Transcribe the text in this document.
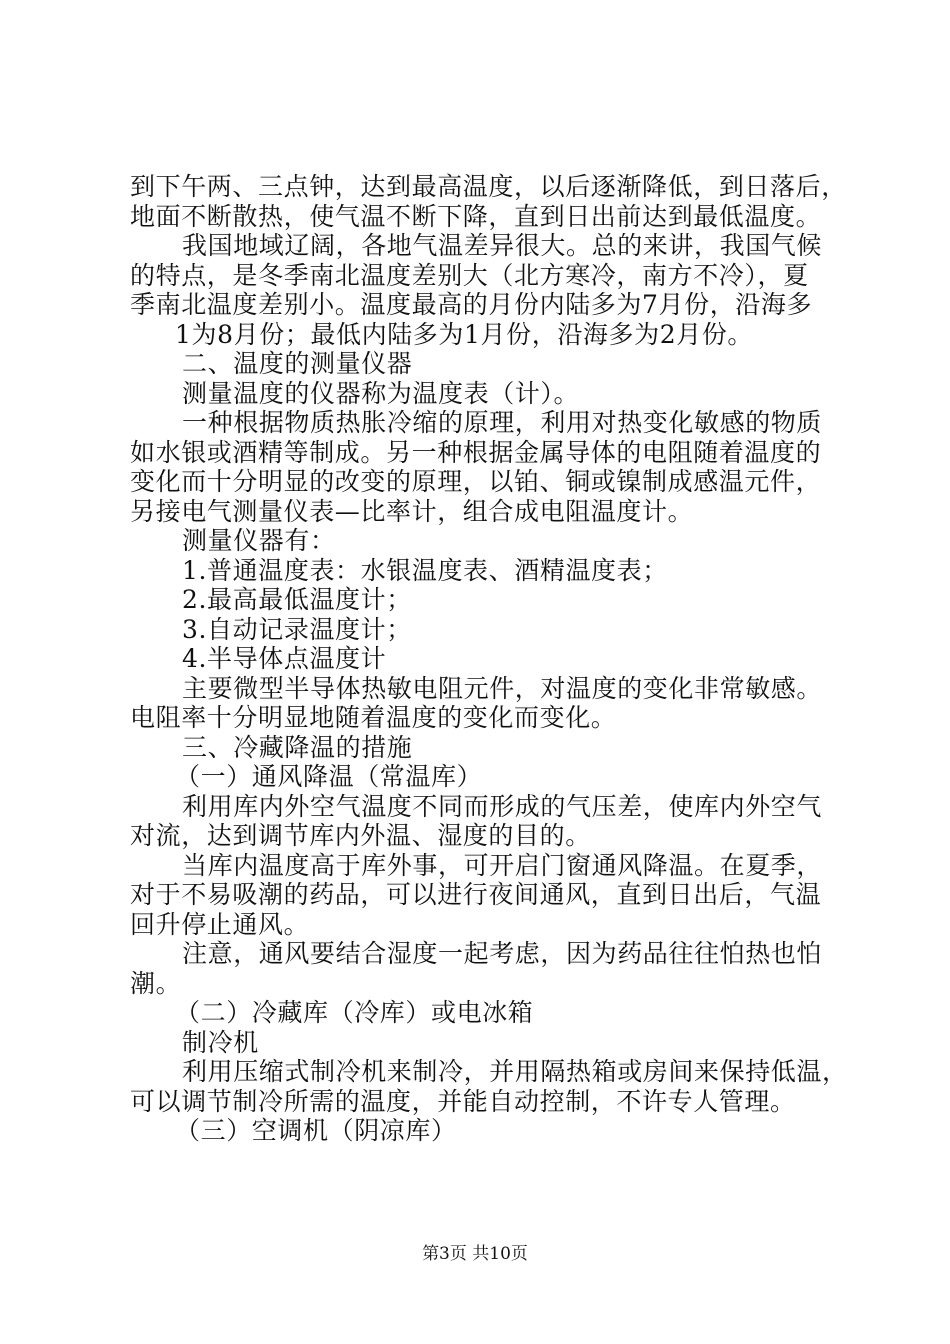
到下午两、三点钟，达到最高温度，以后逐渐降低，到日落后，
地面不断散热，使气温不断下降，直到日出前达到最低温度。
我国地域辽阔，各地气温差异很大。总的来讲，我国气候
的特点，是冬季南北温度差别大（北方寒冷，南方不冷），夏
季南北温度差别小。温度最高的月份内陆多为7月份，沿海多
1为8月份；最低内陆多为1月份，沿海多为2月份。
二、温度的测量仪器
测量温度的仪器称为温度表（计）。
一种根据物质热胀冷缩的原理，利用对热变化敏感的物质
如水银或酒精等制成。另一种根据金属导体的电阻随着温度的
变化而十分明显的改变的原理，以铂、铜或镍制成感温元件，
另接电气测量仪表—比率计，组合成电阻温度计。
测量仪器有：
1.普通温度表：水银温度表、酒精温度表；
2.最高最低温度计；
3.自动记录温度计；
4.半导体点温度计
主要微型半导体热敏电阻元件，对温度的变化非常敏感。
电阻率十分明显地随着温度的变化而变化。
三、冷藏降温的措施
（一）通风降温（常温库）
利用库内外空气温度不同而形成的气压差，使库内外空气
对流，达到调节库内外温、湿度的目的。
当库内温度高于库外事，可开启门窗通风降温。在夏季，
对于不易吸潮的药品，可以进行夜间通风，直到日出后，气温
回升停止通风。
注意，通风要结合湿度一起考虑，因为药品往往怕热也怕
潮。
（二）冷藏库（冷库）或电冰箱
制冷机
利用压缩式制冷机来制冷，并用隔热箱或房间来保持低温，
可以调节制冷所需的温度，并能自动控制，不许专人管理。
（三）空调机（阴凉库）
第3页 共10页
